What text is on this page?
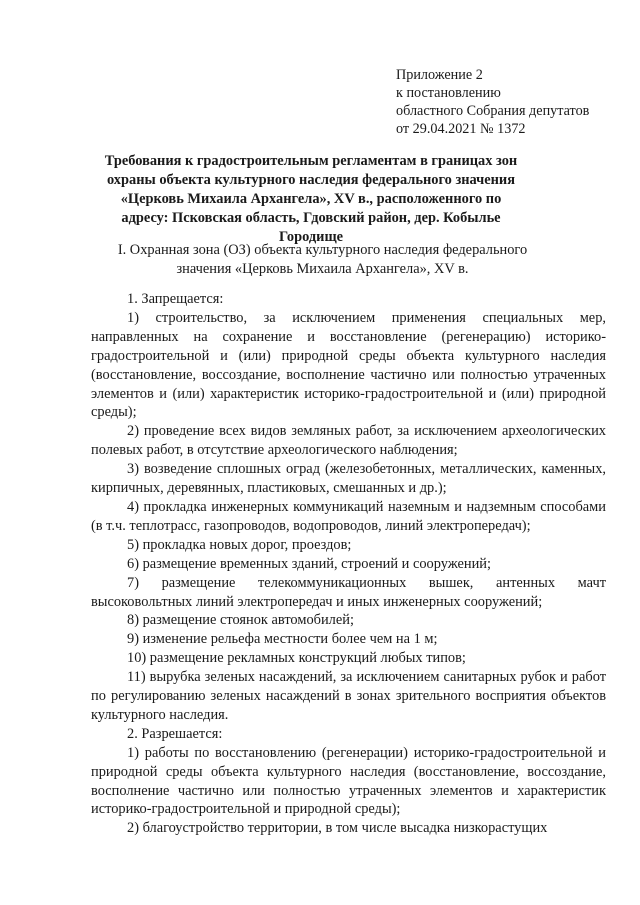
Приложение 2
к постановлению
областного Собрания депутатов
от 29.04.2021 № 1372
Требования к градостроительным регламентам в границах зон охраны объекта культурного наследия федерального значения «Церковь Михаила Архангела», XV в., расположенного по адресу: Псковская область, Гдовский район, дер. Кобылье Городище
I. Охранная зона (ОЗ) объекта культурного наследия федерального значения «Церковь Михаила Архангела», XV в.

1. Запрещается:

1) строительство, за исключением применения специальных мер, направленных на сохранение и восстановление (регенерацию) историко-градостроительной и (или) природной среды объекта культурного наследия (восстановление, воссоздание, восполнение частично или полностью утраченных элементов и (или) характеристик историко-градостроительной и (или) природной среды);

2) проведение всех видов земляных работ, за исключением археологических полевых работ, в отсутствие археологического наблюдения;

3) возведение сплошных оград (железобетонных, металлических, каменных, кирпичных, деревянных, пластиковых, смешанных и др.);

4) прокладка инженерных коммуникаций наземным и надземным способами (в т.ч. теплотрасс, газопроводов, водопроводов, линий электропередач);

5) прокладка новых дорог, проездов;

6) размещение временных зданий, строений и сооружений;

7) размещение телекоммуникационных вышек, антенных мачт высоковольтных линий электропередач и иных инженерных сооружений;

8) размещение стоянок автомобилей;

9) изменение рельефа местности более чем на 1 м;

10) размещение рекламных конструкций любых типов;

11) вырубка зеленых насаждений, за исключением санитарных рубок и работ по регулированию зеленых насаждений в зонах зрительного восприятия объектов культурного наследия.

2. Разрешается:

1) работы по восстановлению (регенерации) историко-градостроительной и природной среды объекта культурного наследия (восстановление, воссоздание, восполнение частично или полностью утраченных элементов и характеристик историко-градостроительной и природной среды);

2) благоустройство территории, в том числе высадка низкорастущих
